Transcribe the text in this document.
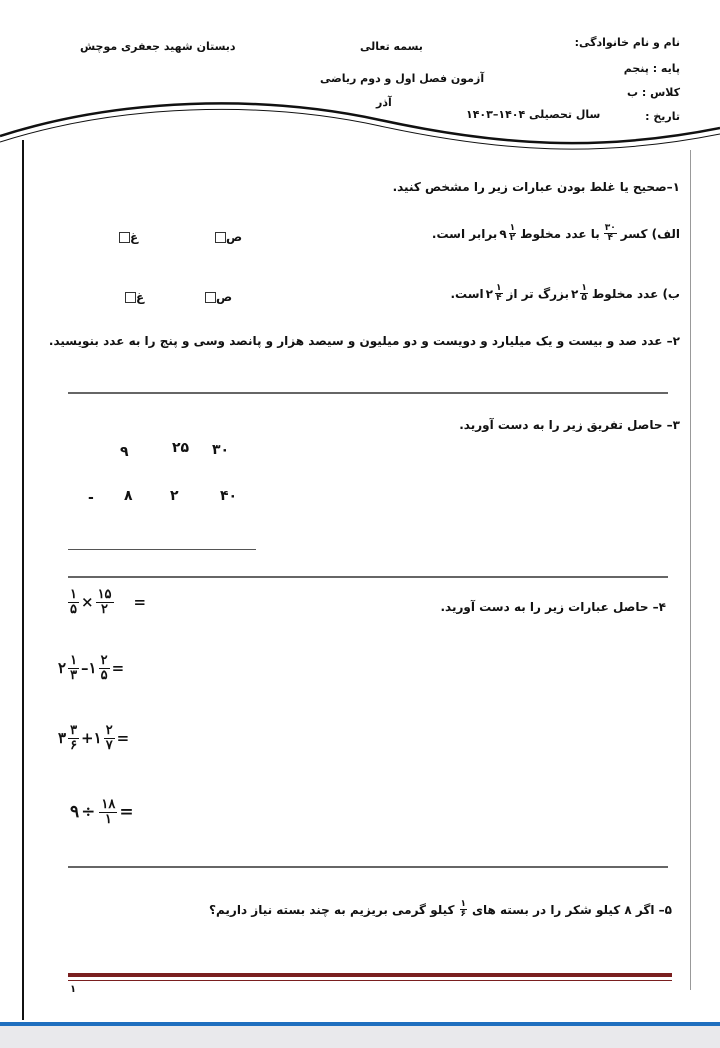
دبستان شهید جعفری موچش	بسمه تعالی
آزمون فصل اول و دوم ریاضی
آذر
نام و نام خانوادگی:
پایه : پنجم
کلاس : ب
تاریخ :
سال تحصیلی ۱۴۰۴–۱۴۰۳
۱–صحیح یا غلط بودن عبارات زیر را مشخص کنید.
الف) کسر
$\frac{۳۰}{۴}$
با عدد مخلوط
۹ $\frac{۱}{۲}$
برابر است.
ص
غ
ب) عدد مخلوط
۲ $\frac{۱}{۵}$
بزرگ تر از
۲ $\frac{۱}{۴}$
است.
ص
غ
۲– عدد صد و بیست و یک میلیارد و دویست و دو میلیون و سیصد هزار و پانصد وسی و پنج را به عدد بنویسید.
۳– حاصل تفریق زیر را به دست آورید.
۹	۲۵ ۳۰
- ۸	۲	۴۰
۴– حاصل عبارات زیر را به دست آورید.
۱
۵ × ۱۵
۲ =
۲ ۱
۳ – ۱ ۲
۵ =
۳ ۳
۶ + ۱ ۲
۷ =
۹ ÷ ۱۸
۱ =
۵– اگر ۸ کیلو شکر را در بسته های
$\frac{۱}{۶}$
کیلو گرمی بریزیم به چند بسته نیاز داریم؟
۱
